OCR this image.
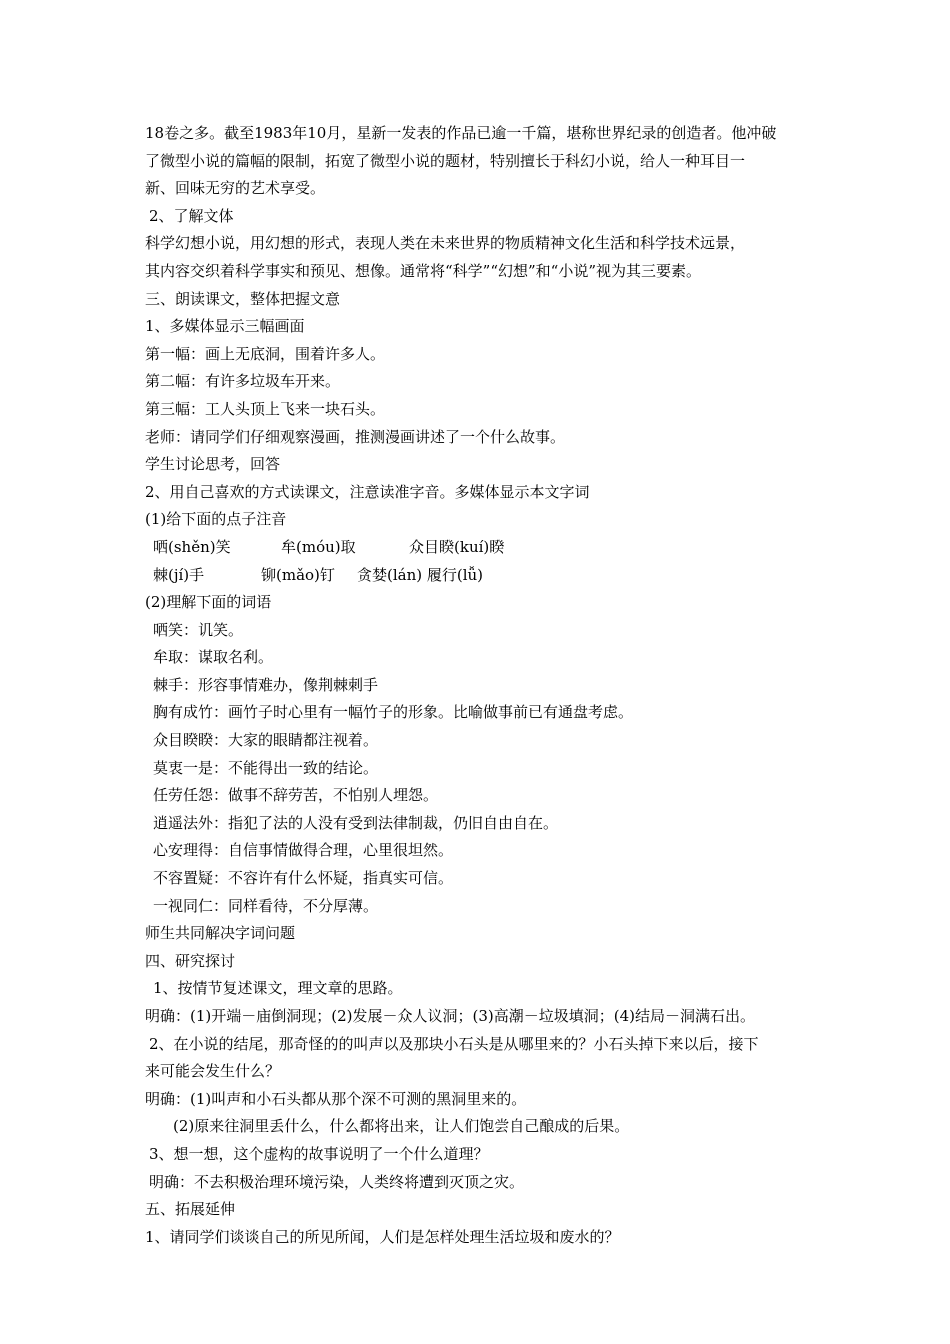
18卷之多。截至1983年10月，星新一发表的作品已逾一千篇，堪称世界纪录的创造者。他冲破
了微型小说的篇幅的限制，拓宽了微型小说的题材，特别擅长于科幻小说，给人一种耳目一
新、回味无穷的艺术享受。
2、了解文体
科学幻想小说，用幻想的形式，表现人类在未来世界的物质精神文化生活和科学技术远景，
其内容交织着科学事实和预见、想像。通常将“科学”“幻想”和“小说”视为其三要素。
三、朗读课文，整体把握文意
1、多媒体显示三幅画面
第一幅：画上无底洞，围着许多人。
第二幅：有许多垃圾车开来。
第三幅：工人头顶上飞来一块石头。
老师：请同学们仔细观察漫画，推测漫画讲述了一个什么故事。
学生讨论思考，回答
2、用自己喜欢的方式读课文，注意读准字音。多媒体显示本文字词
(1)给下面的点子注音
哂(shěn)笑	牟(móu)取	众目睽(kuí)睽
棘(jí)手	铆(mǎo)钉	贪婪(lán) 履行(lǚ)
(2)理解下面的词语
哂笑：讥笑。
牟取：谋取名利。
棘手：形容事情难办，像荆棘刺手
胸有成竹：画竹子时心里有一幅竹子的形象。比喻做事前已有通盘考虑。
众目睽睽：大家的眼睛都注视着。
莫衷一是：不能得出一致的结论。
任劳任怨：做事不辞劳苦，不怕别人埋怨。
逍遥法外：指犯了法的人没有受到法律制裁，仍旧自由自在。
心安理得：自信事情做得合理，心里很坦然。
不容置疑：不容许有什么怀疑，指真实可信。
一视同仁：同样看待，不分厚薄。
师生共同解决字词问题
四、研究探讨
1、按情节复述课文，理文章的思路。
明确：(1)开端－庙倒洞现；(2)发展－众人议洞；(3)高潮－垃圾填洞；(4)结局－洞满石出。
2、在小说的结尾，那奇怪的的叫声以及那块小石头是从哪里来的？小石头掉下来以后，接下
来可能会发生什么？
明确：(1)叫声和小石头都从那个深不可测的黑洞里来的。
(2)原来往洞里丢什么，什么都将出来，让人们饱尝自己酿成的后果。
3、想一想，这个虚构的故事说明了一个什么道理？
明确：不去积极治理环境污染，人类终将遭到灭顶之灾。
五、拓展延伸
1、请同学们谈谈自己的所见所闻，人们是怎样处理生活垃圾和废水的？
